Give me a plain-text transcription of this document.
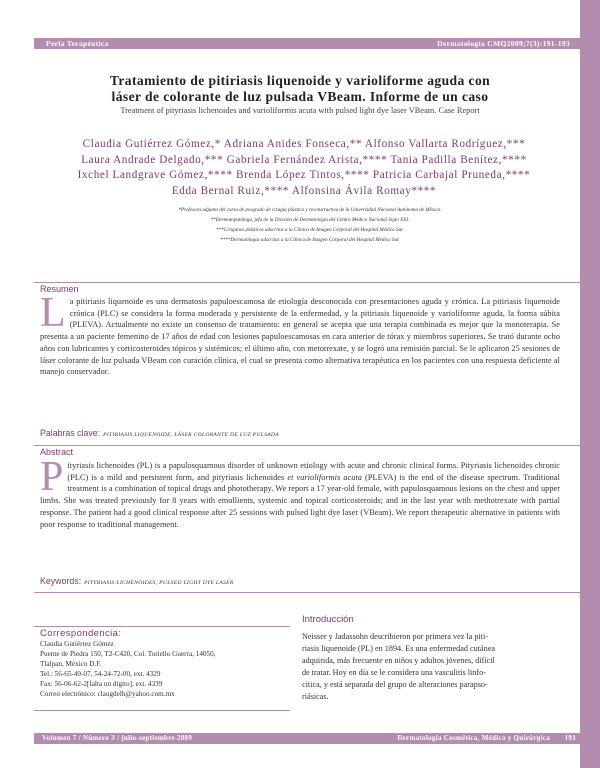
Perla Terapéutica	Dermatología CMQ2009;7(3):191-193
Tratamiento de pitiriasis liquenoide y varioliforme aguda con
láser de colorante de luz pulsada VBeam. Informe de un caso
Treatment of pityriasis lichenoides and varioliformis acuta with pulsed light dye laser VBeam. Case Report
Claudia Gutiérrez Gómez,* Adriana Anides Fonseca,** Alfonso Vallarta Rodríguez,***
Laura Andrade Delgado,*** Gabriela Fernández Arista,**** Tania Padilla Benítez,****
Ixchel Landgrave Gómez,**** Brenda López Tintos,**** Patricia Carbajal Pruneda,****
Edda Bernal Ruiz,**** Alfonsina Ávila Romay****
*Profesora adjunta del curso de posgrado de cirugía plástica y reconstructiva de la Universidad Nacional Autónoma de México.
**Dermatopatóloga, jefa de la División de Dermatología del Centro Médico Nacional Siglo XXI.
***Cirujanos plásticos adscritos a la Clínica de Imagen Corporal del Hospital Médica Sur.
****Dermatólogas adscritas a la Clínica de Imagen Corporal del Hospital Médica Sur.
Resumen
La pitiriasis liquenoide es una dermatosis papuloescamosa de etiología desconocida con presentaciones aguda y crónica. La pitiriasis liquenoide crónica (PLC) se considera la forma moderada y persistente de la enfermedad, y la pitiriasis liquenoide y varioliforme aguda, la forma súbita (PLEVA). Actualmente no existe un consenso de tratamiento: en general se acepta que una terapia combinada es mejor que la monoterapia. Se presenta a un paciente femenino de 17 años de edad con lesiones papuloescamosas en cara anterior de tórax y miembros superiores. Se trató durante ocho años con lubricantes y corticosteroides tópicos y sistémicos; el último año, con metotrexate, y se logró una remisión parcial. Se le aplicaron 25 sesiones de láser colorante de luz pulsada VBeam con curación clínica, el cual se presenta como alternativa terapéutica en los pacientes con una respuesta deficiente al manejo conservador.
Palabras clave: PITIRIASIS LIQUENOIDE, LÁSER COLORANTE DE LUZ PULSADA
Abstract
Pityriasis lichenoides (PL) is a papulosquamous disorder of unknown etiology with acute and chronic clinical forms. Pityriasis lichenoides chronic (PLC) is a mild and persistent form, and pityriasis lichenoides et varioliformis acuta (PLEVA) is the end of the disease spectrum. Traditional treatment is a combination of topical drugs and phototherapy. We report a 17 year-old female, with papulosquamous lesions on the chest and upper limbs. She was treated previously for 8 years with emollients, systemic and topical corticosteroids; and in the last year with methotrexate with partial response. The patient had a good clinical response after 25 sessions with pulsed light dye laser (VBeam). We report therapeutic alternative in patients with poor response to traditional management.
Keywords: PITYRIASIS LICHENOIDES, PULSED LIGHT DYE LASER
Correspondencia:
Claudia Gutiérrez Gómez
Puente de Piedra 150, T2-C420, Col. Toriello Guerra, 14050,
Tlalpan, México D.F.
Tel.: 56-65-49-07, 54-24-72-00, ext. 4329
Fax: 56-06-62-2[falta un dígito], ext. 4339
Correo electrónico: claugdelh@yahoo.com.mx
Introducción
Neisser y Jadassohn describieron por primera vez la piti-
riasis liquenoide (PL) en 1894. Es una enfermedad cutánea
adquirida, más frecuente en niños y adultos jóvenes, difícil
de tratar. Hoy en día se le considera una vasculitis linfo-
cítica, y está separada del grupo de alteraciones parapso-
riásicas.
Volumen 7 / Número 3 / julio-septiembre 2009	Dermatología Cosmética, Médica y Quirúrgica 191
